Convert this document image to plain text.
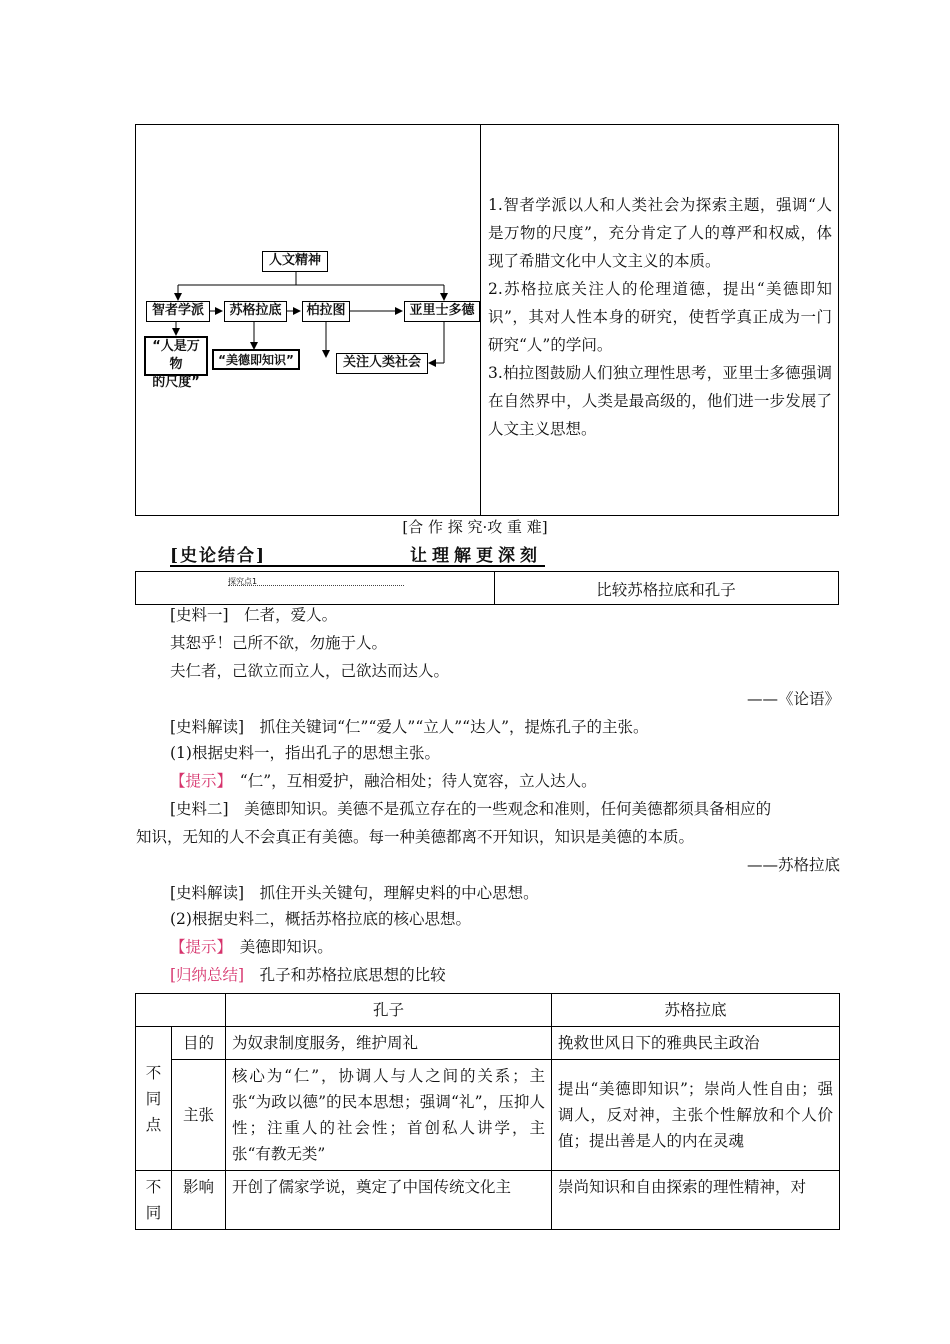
人文精神
智者学派	苏格拉底	柏拉图	亚里士多德
“人是万物
的尺度”
“美德即知识”	关注人类社会

1.智者学派以人和人类社会为探索主题，强调“人是万物的尺度”，充分肯定了人的尊严和权威，体现了希腊文化中人文主义的本质。

2.苏格拉底关注人的伦理道德，提出“美德即知识”，其对人性本身的研究，使哲学真正成为一门研究“人”的学问。

3.柏拉图鼓励人们独立理性思考，亚里士多德强调在自然界中，人类是最高级的，他们进一步发展了人文主义思想。

[合 作 探 究·攻 重 难]
[史论结合]	让理解更深刻
探究点1	比较苏格拉底和孔子
[史料一]　 仁者，爱人。
其恕乎！己所不欲，勿施于人。
夫仁者，己欲立而立人，己欲达而达人。
——《论语》
[史料解读]　 抓住关键词“仁”“爱人”“立人”“达人”，提炼孔子的主张。
(1)根据史料一，指出孔子的思想主张。
【提示】　 “仁”，互相爱护，融洽相处；待人宽容，立人达人。
[史料二]　 美德即知识。美德不是孤立存在的一些观念和准则，任何美德都须具备相应的
知识，无知的人不会真正有美德。每一种美德都离不开知识，知识是美德的本质。
——苏格拉底
[史料解读]　 抓住开头关键句，理解史料的中心思想。
(2)根据史料二，概括苏格拉底的核心思想。
【提示】　 美德即知识。
[归纳总结]　 孔子和苏格拉底思想的比较
		孔子	苏格拉底

不同点	目的	为奴隶制度服务，维护周礼	挽救世风日下的雅典民主政治
	主张	核心为“仁”，协调人与人之间的关系；主张“为政以德”的民本思想；强调“礼”，压抑人性；注重人的社会性；首创私人讲学，主张“有教无类”	提出“美德即知识”；崇尚人性自由；强调人，反对神，主张个性解放和个人价值；提出善是人的内在灵魂

不同	影响	开创了儒家学说，奠定了中国传统文化主	崇尚知识和自由探索的理性精神，对
